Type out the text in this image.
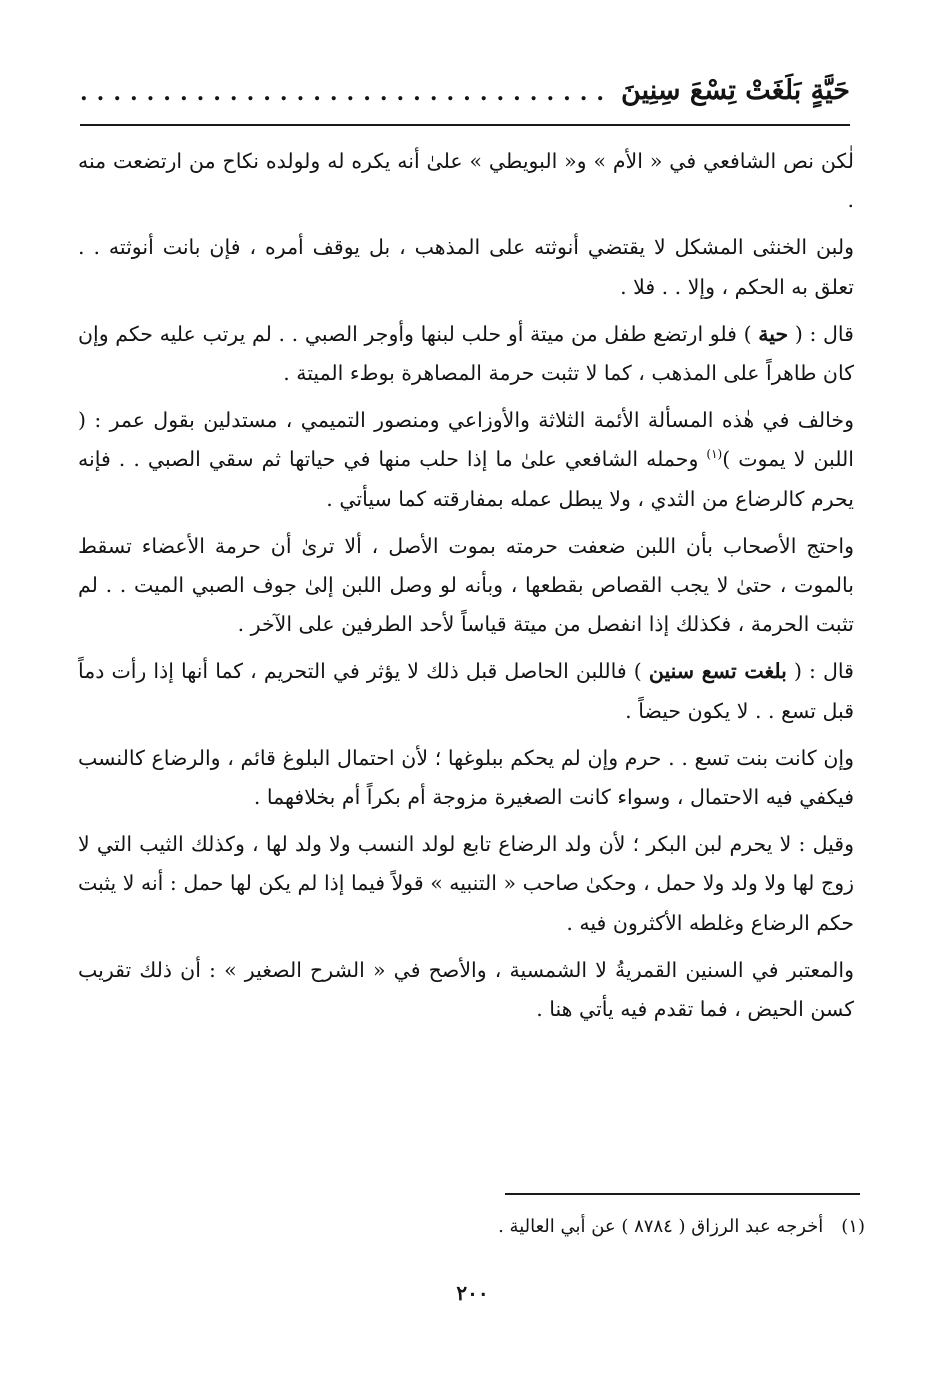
حَيَّةٍ بَلَغَتْ تِسْعَ سِنِينَ
................................

لٰكن نص الشافعي في « الأم » و« البويطي » علىٰ أنه يكره له ولولده نكاح من ارتضعت منه .

ولبن الخنثى المشكل لا يقتضي أنوثته على المذهب ، بل يوقف أمره ، فإن بانت أنوثته . . تعلق به الحكم ، وإلا . . فلا .

قال : ( حية ) فلو ارتضع طفل من ميتة أو حلب لبنها وأوجر الصبي . . لم يرتب عليه حكم وإن كان طاهراً على المذهب ، كما لا تثبت حرمة المصاهرة بوطء الميتة .

وخالف في هٰذه المسألة الأئمة الثلاثة والأوزاعي ومنصور التميمي ، مستدلين بقول عمر : ( اللبن لا يموت )$^{(١)}$ وحمله الشافعي علىٰ ما إذا حلب منها في حياتها ثم سقي الصبي . . فإنه يحرم كالرضاع من الثدي ، ولا يبطل عمله بمفارقته كما سيأتي .

واحتج الأصحاب بأن اللبن ضعفت حرمته بموت الأصل ، ألا ترىٰ أن حرمة الأعضاء تسقط بالموت ، حتىٰ لا يجب القصاص بقطعها ، وبأنه لو وصل اللبن إلىٰ جوف الصبي الميت . . لم تثبت الحرمة ، فكذلك إذا انفصل من ميتة قياساً لأحد الطرفين على الآخر .

قال : ( بلغت تسع سنين ) فاللبن الحاصل قبل ذلك لا يؤثر في التحريم ، كما أنها إذا رأت دماً قبل تسع . . لا يكون حيضاً .

وإن كانت بنت تسع . . حرم وإن لم يحكم ببلوغها ؛ لأن احتمال البلوغ قائم ، والرضاع كالنسب فيكفي فيه الاحتمال ، وسواء كانت الصغيرة مزوجة أم بكراً أم بخلافهما .

وقيل : لا يحرم لبن البكر ؛ لأن ولد الرضاع تابع لولد النسب ولا ولد لها ، وكذلك الثيب التي لا زوج لها ولا ولد ولا حمل ، وحكىٰ صاحب « التنبيه » قولاً فيما إذا لم يكن لها حمل : أنه لا يثبت حكم الرضاع وغلطه الأكثرون فيه .

والمعتبر في السنين القمريةُ لا الشمسية ، والأصح في « الشرح الصغير » : أن ذلك تقريب كسن الحيض ، فما تقدم فيه يأتي هنا .

(١)أخرجه عبد الرزاق ( ٨٧٨٤ ) عن أبي العالية .
٢٠٠
